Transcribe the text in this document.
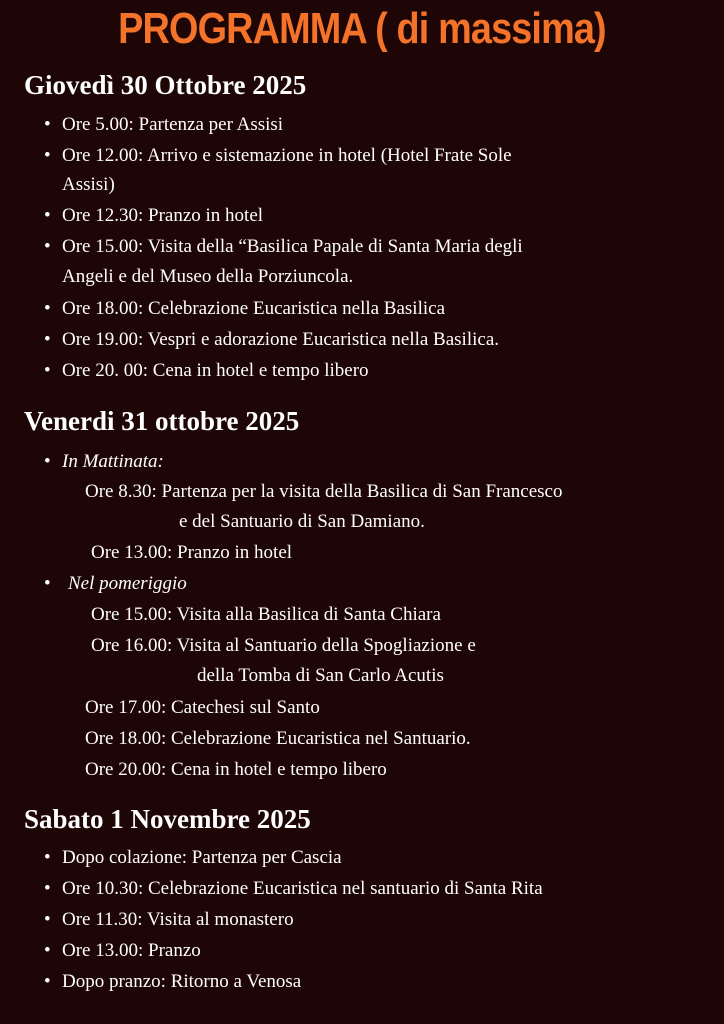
PROGRAMMA ( di massima)
Giovedì 30 Ottobre 2025
• Ore 5.00: Partenza per Assisi
• Ore 12.00: Arrivo e sistemazione in hotel (Hotel Frate Sole
Assisi)
• Ore 12.30: Pranzo in hotel
• Ore 15.00: Visita della “Basilica Papale di Santa Maria degli
Angeli e del Museo della Porziuncola.
• Ore 18.00: Celebrazione Eucaristica nella Basilica
• Ore 19.00: Vespri e adorazione Eucaristica nella Basilica.
• Ore 20. 00: Cena in hotel e tempo libero
Venerdi 31 ottobre 2025
• In Mattinata:
Ore 8.30: Partenza per la visita della Basilica di San Francesco
e del Santuario di San Damiano.
Ore 13.00: Pranzo in hotel
• Nel pomeriggio
Ore 15.00: Visita alla Basilica di Santa Chiara
Ore 16.00: Visita al Santuario della Spogliazione e
della Tomba di San Carlo Acutis
Ore 17.00: Catechesi sul Santo
Ore 18.00: Celebrazione Eucaristica nel Santuario.
Ore 20.00: Cena in hotel e tempo libero
Sabato 1 Novembre 2025
• Dopo colazione: Partenza per Cascia
• Ore 10.30: Celebrazione Eucaristica nel santuario di Santa Rita
• Ore 11.30: Visita al monastero
• Ore 13.00: Pranzo
• Dopo pranzo: Ritorno a Venosa
